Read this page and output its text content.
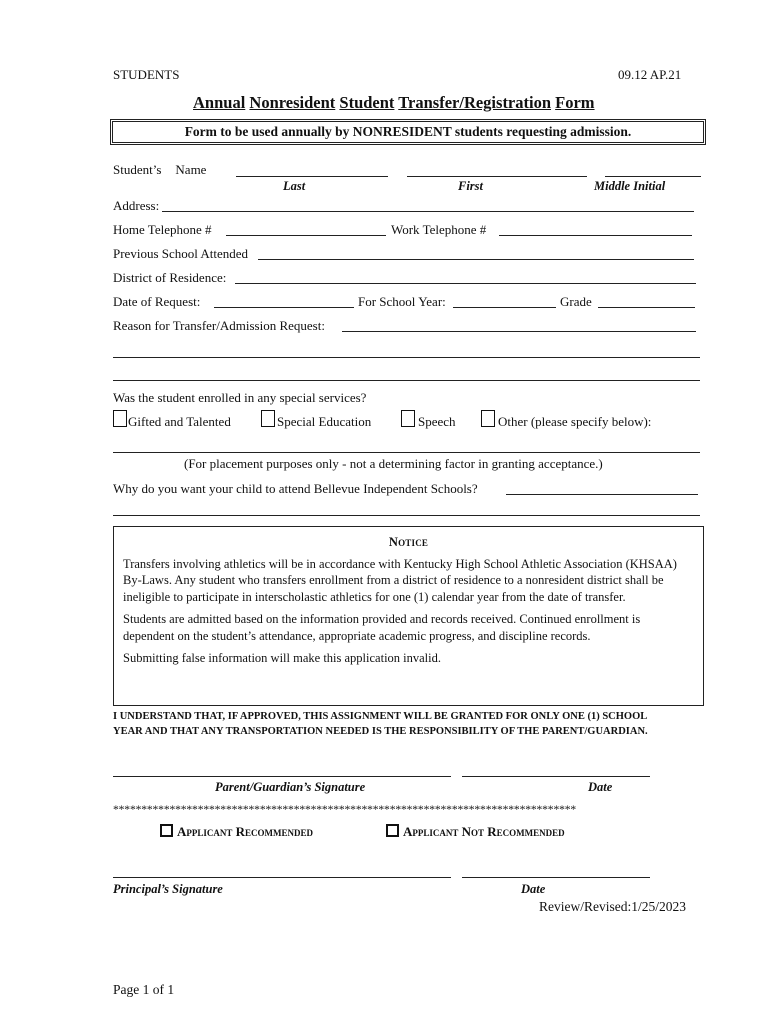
STUDENTS	09.12 AP.21
Annual Nonresident Student Transfer/Registration Form
Form to be used annually by NONRESIDENT students requesting admission.
Student’s Name
Last	First	Middle Initial
Address:
Home Telephone #	Work Telephone #
Previous School Attended
District of Residence:
Date of Request:	For School Year:	Grade
Reason for Transfer/Admission Request:
Was the student enrolled in any special services?
Gifted and Talented	Special Education	Speech	Other (please specify below):
(For placement purposes only - not a determining factor in granting acceptance.)
Why do you want your child to attend Bellevue Independent Schools?
Notice

Transfers involving athletics will be in accordance with Kentucky High School Athletic Association (KHSAA) By-Laws. Any student who transfers enrollment from a district of residence to a nonresident district shall be ineligible to participate in interscholastic athletics for one (1) calendar year from the date of transfer.

Students are admitted based on the information provided and records received. Continued enrollment is dependent on the student’s attendance, appropriate academic progress, and discipline records.

Submitting false information will make this application invalid.

I UNDERSTAND THAT, IF APPROVED, THIS ASSIGNMENT WILL BE GRANTED FOR ONLY ONE (1) SCHOOL
YEAR AND THAT ANY TRANSPORTATION NEEDED IS THE RESPONSIBILITY OF THE PARENT/GUARDIAN.
Parent/Guardian’s Signature	Date
**********************************************************************************
Applicant Recommended	Applicant Not Recommended
Principal’s Signature	Date
Review/Revised:1/25/2023
Page 1 of 1
